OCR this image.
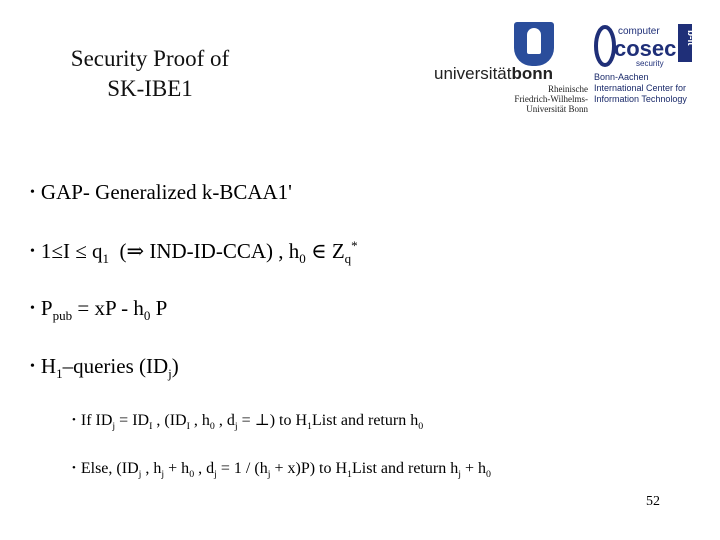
Security Proof of
SK-IBE1
universitätbonn
Rheinische
Friedrich-Wilhelms-
Universität Bonn
computer
cosec
security
b-it
Bonn-Aachen
International Center for
Information Technology
• GAP- Generalized k-BCAA1'
• $1\le I \le q_1$ (⇒ IND-ID-CCA) , $h_0$ ∈ $Z_q^*$
• $P_{pub}$ = xP - $h_0$ P
• $H_1$–queries $(ID_j)$
• If $ID_j = ID_I$ , ($ID_I$ , $h_0$ , $d_j$ = ⊥) to $H_1List$ and return $h_0$
• Else, ($ID_j$ , $h_j + h_0$ , $d_j = 1 / (h_j + x)P$) to $H_1List$ and return $h_j + h_0$
52
